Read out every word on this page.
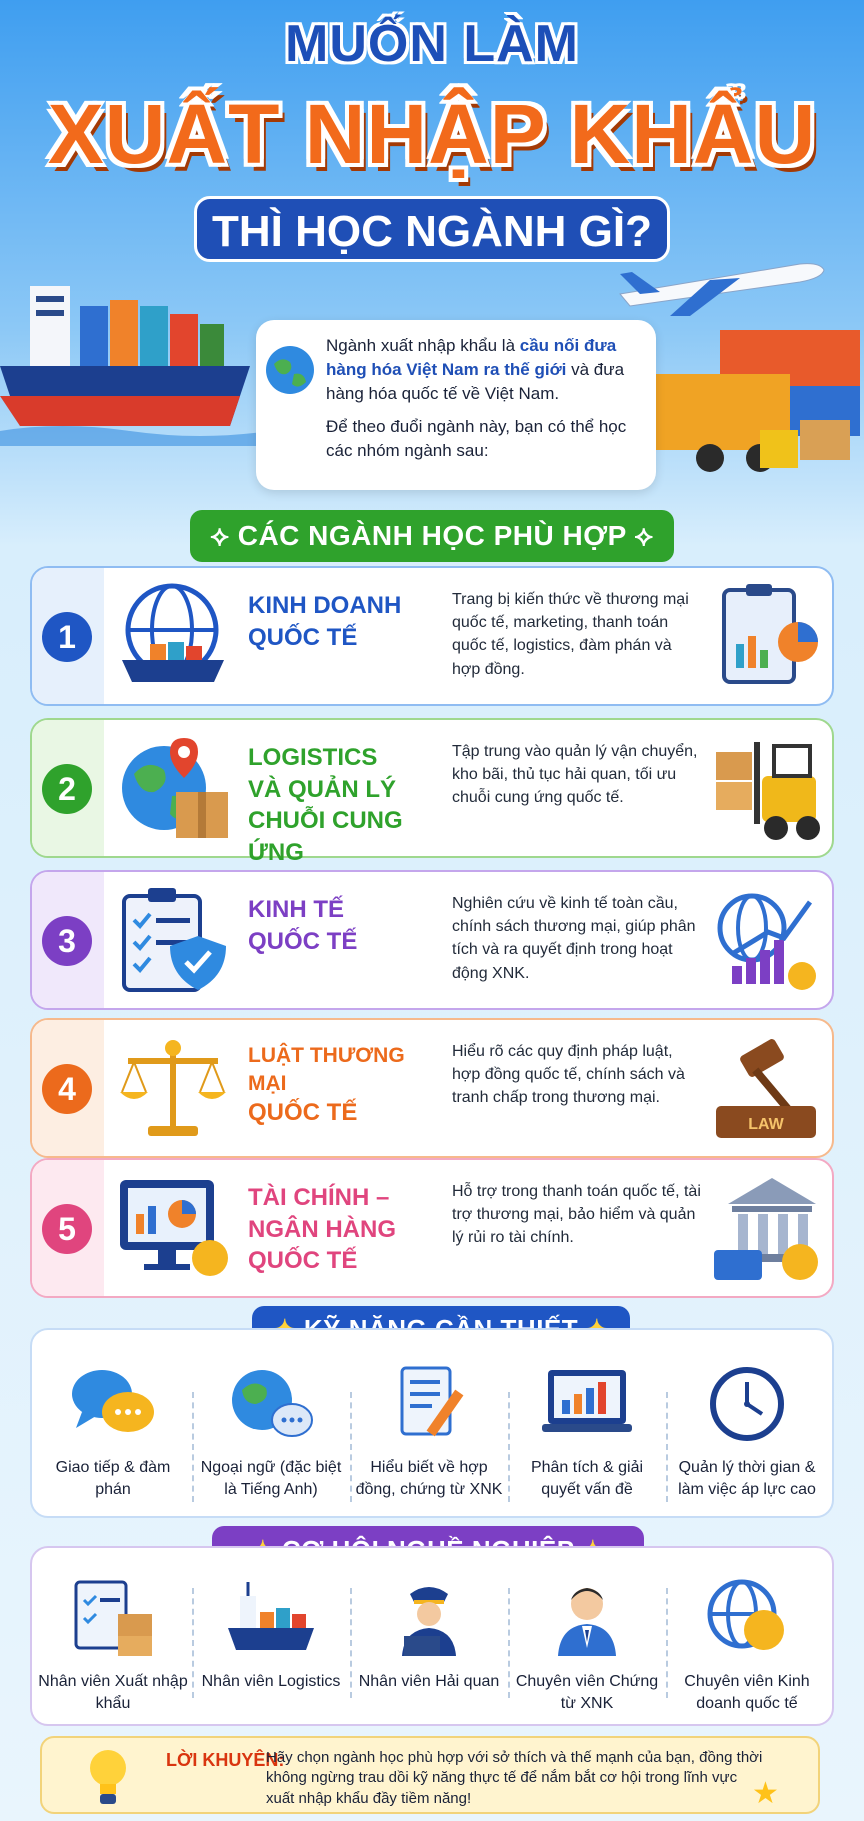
MUỐN LÀM
XUẤT NHẬP KHẨU
THÌ HỌC NGÀNH GÌ?

Ngành xuất nhập khẩu là cầu nối đưa hàng hóa Việt Nam ra thế giới và đưa hàng hóa quốc tế về Việt Nam.

Để theo đuổi ngành này, bạn có thể học các nhóm ngành sau:

⟡ CÁC NGÀNH HỌC PHÙ HỢP ⟡
1
KINH DOANH
QUỐC TẾ
Trang bị kiến thức về thương mại quốc tế, marketing, thanh toán quốc tế, logistics, đàm phán và hợp đồng.
2
LOGISTICS
VÀ QUẢN LÝ
CHUỖI CUNG ỨNG
Tập trung vào quản lý vận chuyển, kho bãi, thủ tục hải quan, tối ưu chuỗi cung ứng quốc tế.
3
KINH TẾ
QUỐC TẾ
Nghiên cứu về kinh tế toàn cầu, chính sách thương mại, giúp phân tích và ra quyết định trong hoạt động XNK.
4
LUẬT THƯƠNG MẠI
QUỐC TẾ
Hiểu rõ các quy định pháp luật, hợp đồng quốc tế, chính sách và tranh chấp trong thương mại.
LAW
5
TÀI CHÍNH –
NGÂN HÀNG
QUỐC TẾ
Hỗ trợ trong thanh toán quốc tế, tài trợ thương mại, bảo hiểm và quản lý rủi ro tài chính.
Giao tiếp & đàm phán
Ngoại ngữ (đặc biệt là Tiếng Anh)
Hiểu biết về hợp đồng, chứng từ XNK
Phân tích & giải quyết vấn đề
Quản lý thời gian & làm việc áp lực cao
Nhân viên Xuất nhập khẩu
Nhân viên Logistics	Nhân viên Hải quan Chuyên viên Chứng từ XNK
Chuyên viên Kinh doanh quốc tế
LỜI KHUYÊN:
Hãy chọn ngành học phù hợp với sở thích và thế mạnh của bạn, đồng thời không ngừng trau dồi kỹ năng thực tế để nắm bắt cơ hội trong lĩnh vực xuất nhập khẩu đầy tiềm năng!	★
